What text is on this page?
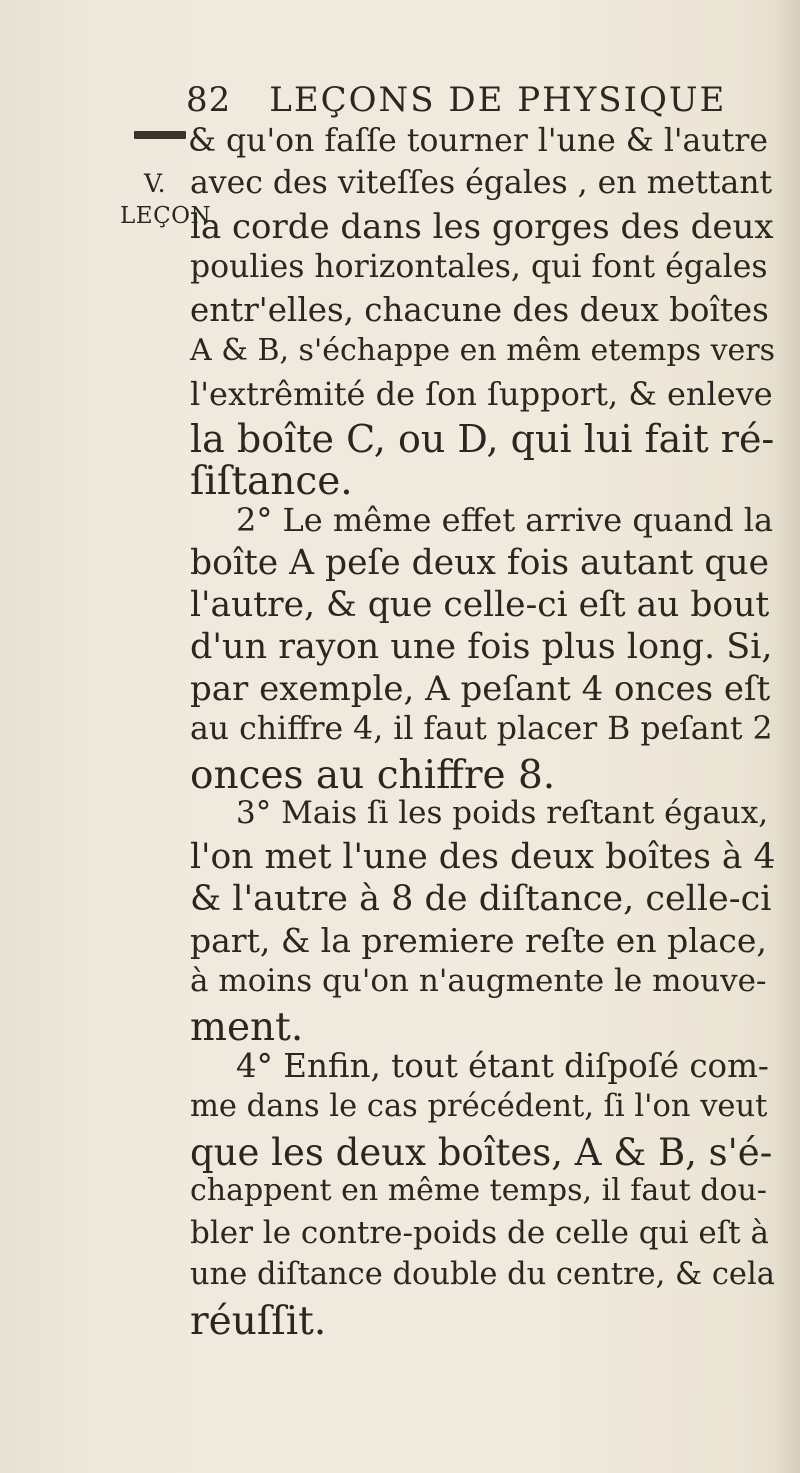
82 LEÇONS DE PHYSIQUE
V.
LEÇON.
& qu'on faſſe tourner l'une & l'autre
avec des viteſſes égales , en mettant
la corde dans les gorges des deux
poulies horizontales, qui font égales
entr'elles, chacune des deux boîtes
A & B, s'échappe en mêm etemps vers
l'extrêmité de ſon ſupport, & enleve
la boîte C, ou D, qui lui fait ré-
ſiſtance.
2° Le même effet arrive quand la
boîte A peſe deux fois autant que
l'autre, & que celle-ci eſt au bout
d'un rayon une fois plus long. Si,
par exemple, A peſant 4 onces eſt
au chiffre 4, il faut placer B peſant 2
onces au chiffre 8.
3° Mais ſi les poids reſtant égaux,
l'on met l'une des deux boîtes à 4
& l'autre à 8 de diſtance, celle-ci
part, & la premiere reſte en place,
à moins qu'on n'augmente le mouve-
ment.
4° Enfin, tout étant diſpoſé com-
me dans le cas précédent, ſi l'on veut
que les deux boîtes, A & B, s'é-
chappent en même temps, il faut dou-
bler le contre-poids de celle qui eſt à
une diſtance double du centre, & cela
réuſſit.
